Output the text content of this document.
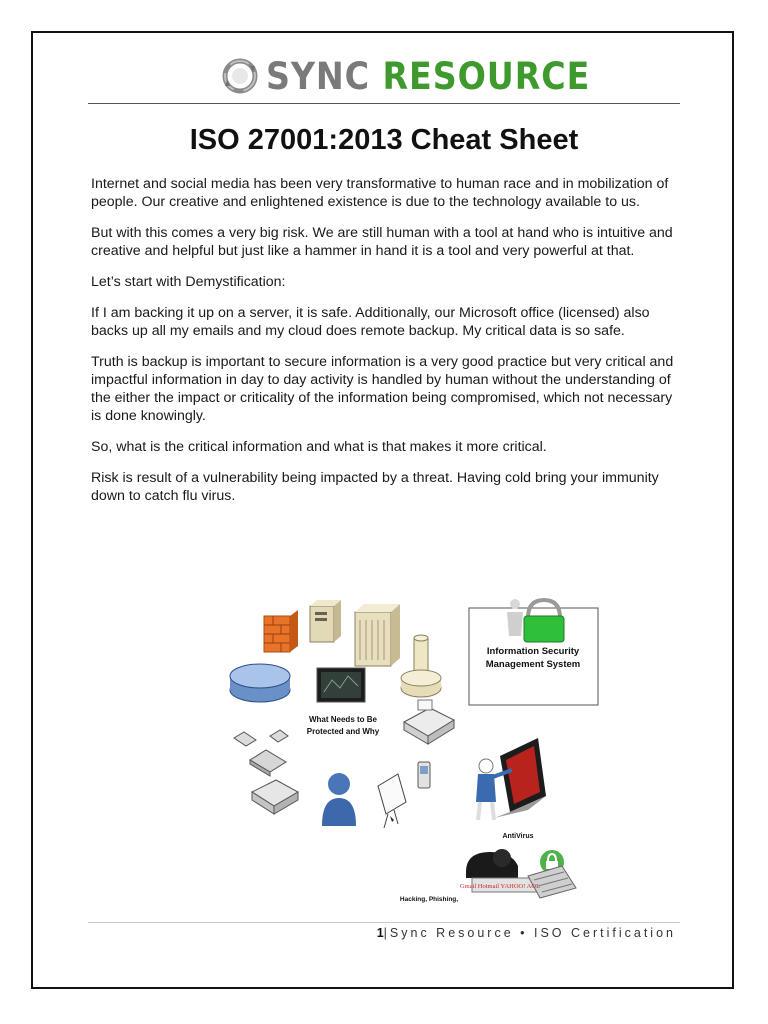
SYNC RESOURCE
ISO 27001:2013 Cheat Sheet

Internet and social media has been very transformative to human race and in mobilization of people. Our creative and enlightened existence is due to the technology available to us.

But with this comes a very big risk. We are still human with a tool at hand who is intuitive and creative and helpful but just like a hammer in hand it is a tool and very powerful at that.

Let’s start with Demystification:

If I am backing it up on a server, it is safe. Additionally, our Microsoft office (licensed) also backs up all my emails and my cloud does remote backup. My critical data is so safe.

Truth is backup is important to secure information is a very good practice but very critical and impactful information in day to day activity is handled by human without the understanding of the either the impact or criticality of the information being compromised, which not necessary is done knowingly.

So, what is the critical information and what is that makes it more critical.

Risk is result of a vulnerability being impacted by a threat. Having cold bring your immunity down to catch flu virus.

Information Security
Management System
What Needs to Be
Protected and Why
AntiVirus
Gmail Hotmail YAHOO! AOL
Hacking, Phishing,
1|Sync Resource • ISO Certification
